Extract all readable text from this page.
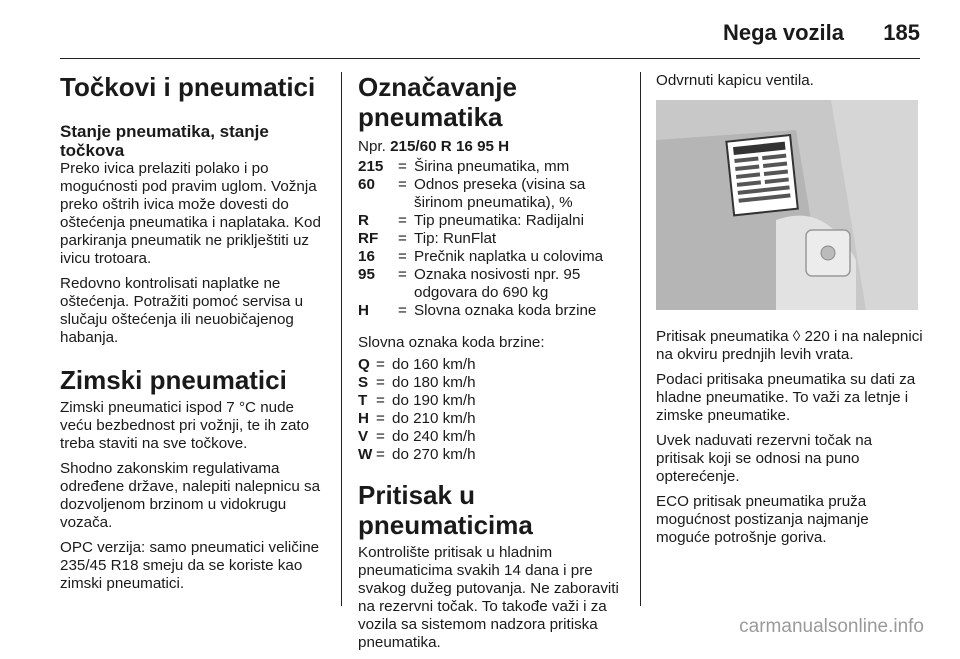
Nega vozila 185
Točkovi i pneumatici
Stanje pneumatika, stanje točkova

Preko ivica prelaziti polako i po mogućnosti pod pravim uglom. Vožnja preko oštrih ivica može dovesti do oštećenja pneumatika i naplataka. Kod parkiranja pneumatik ne priklještiti uz ivicu trotoara.

Redovno kontrolisati naplatke ne oštećenja. Potražiti pomoć servisa u slučaju oštećenja ili neuobičajenog habanja.

Zimski pneumatici

Zimski pneumatici ispod 7 °C nude veću bezbednost pri vožnji, te ih zato treba staviti na sve točkove.

Shodno zakonskim regulativama određene države, nalepiti nalepnicu sa dozvoljenom brzinom u vidokrugu vozača.

OPC verzija: samo pneumatici veličine 235/45 R18 smeju da se koriste kao zimski pneumatici.

Označavanje pneumatika

Npr. 215/60 R 16 95 H

215 = Širina pneumatika, mm
60	= Odnos preseka (visina sa širinom pneumatika), %
R	= Tip pneumatika: Radijalni
RF	= Tip: RunFlat
16	= Prečnik naplatka u colovima
95	= Oznaka nosivosti npr. 95 odgovara do 690 kg
H	= Slovna oznaka koda brzine

Slovna oznaka koda brzine:

Q = do 160 km/h
S = do 180 km/h
T = do 190 km/h
H = do 210 km/h
V = do 240 km/h
W = do 270 km/h
Pritisak u pneumaticima

Kontrolište pritisak u hladnim pneumaticima svakih 14 dana i pre svakog dužeg putovanja. Ne zaboraviti na rezervni točak. To takođe važi i za vozila sa sistemom nadzora pritiska pneumatika.

Odvrnuti kapicu ventila.

Pritisak pneumatika ◊ 220 i na nalepnici na okviru prednjih levih vrata.

Podaci pritisaka pneumatika su dati za hladne pneumatike. To važi za letnje i zimske pneumatike.

Uvek naduvati rezervni točak na pritisak koji se odnosi na puno opterećenje.

ECO pritisak pneumatika pruža mogućnost postizanja najmanje moguće potrošnje goriva.

carmanualsonline.info
